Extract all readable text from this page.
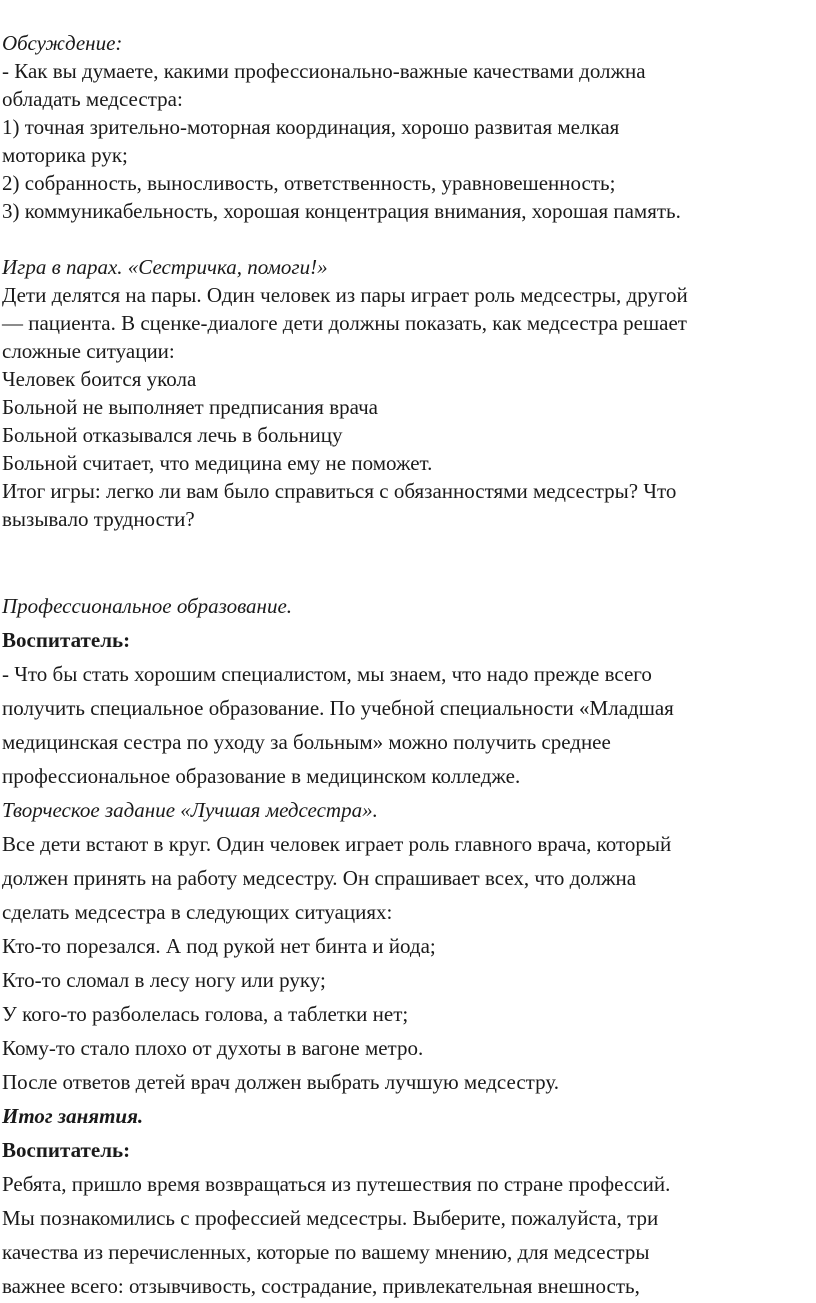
Обсуждение:
- Как вы думаете, какими профессионально-важные качествами должна
обладать медсестра:
1) точная зрительно-моторная координация, хорошо развитая мелкая
моторика рук;
2) собранность, выносливость, ответственность, уравновешенность;
3) коммуникабельность, хорошая концентрация внимания, хорошая память.
Игра в парах. «Сестричка, помоги!»
Дети делятся на пары. Один человек из пары играет роль медсестры, другой
— пациента. В сценке-диалоге дети должны показать, как медсестра решает
сложные ситуации:
Человек боится укола
Больной не выполняет предписания врача
Больной отказывался лечь в больницу
Больной считает, что медицина ему не поможет.
Итог игры: легко ли вам было справиться с обязанностями медсестры? Что
вызывало трудности?
Профессиональное образование.
Воспитатель:
- Что бы стать хорошим специалистом, мы знаем, что надо прежде всего
получить специальное образование. По учебной специальности «Младшая
медицинская сестра по уходу за больным» можно получить среднее
профессиональное образование в медицинском колледже.
Творческое задание «Лучшая медсестра».
Все дети встают в круг. Один человек играет роль главного врача, который
должен принять на работу медсестру. Он спрашивает всех, что должна
сделать медсестра в следующих ситуациях:
Кто-то порезался. А под рукой нет бинта и йода;
Кто-то сломал в лесу ногу или руку;
У кого-то разболелась голова, а таблетки нет;
Кому-то стало плохо от духоты в вагоне метро.
После ответов детей врач должен выбрать лучшую медсестру.
Итог занятия.
Воспитатель:
Ребята, пришло время возвращаться из путешествия по стране профессий.
Мы познакомились с профессией медсестры. Выберите, пожалуйста, три
качества из перечисленных, которые по вашему мнению, для медсестры
важнее всего: отзывчивость, сострадание, привлекательная внешность,
